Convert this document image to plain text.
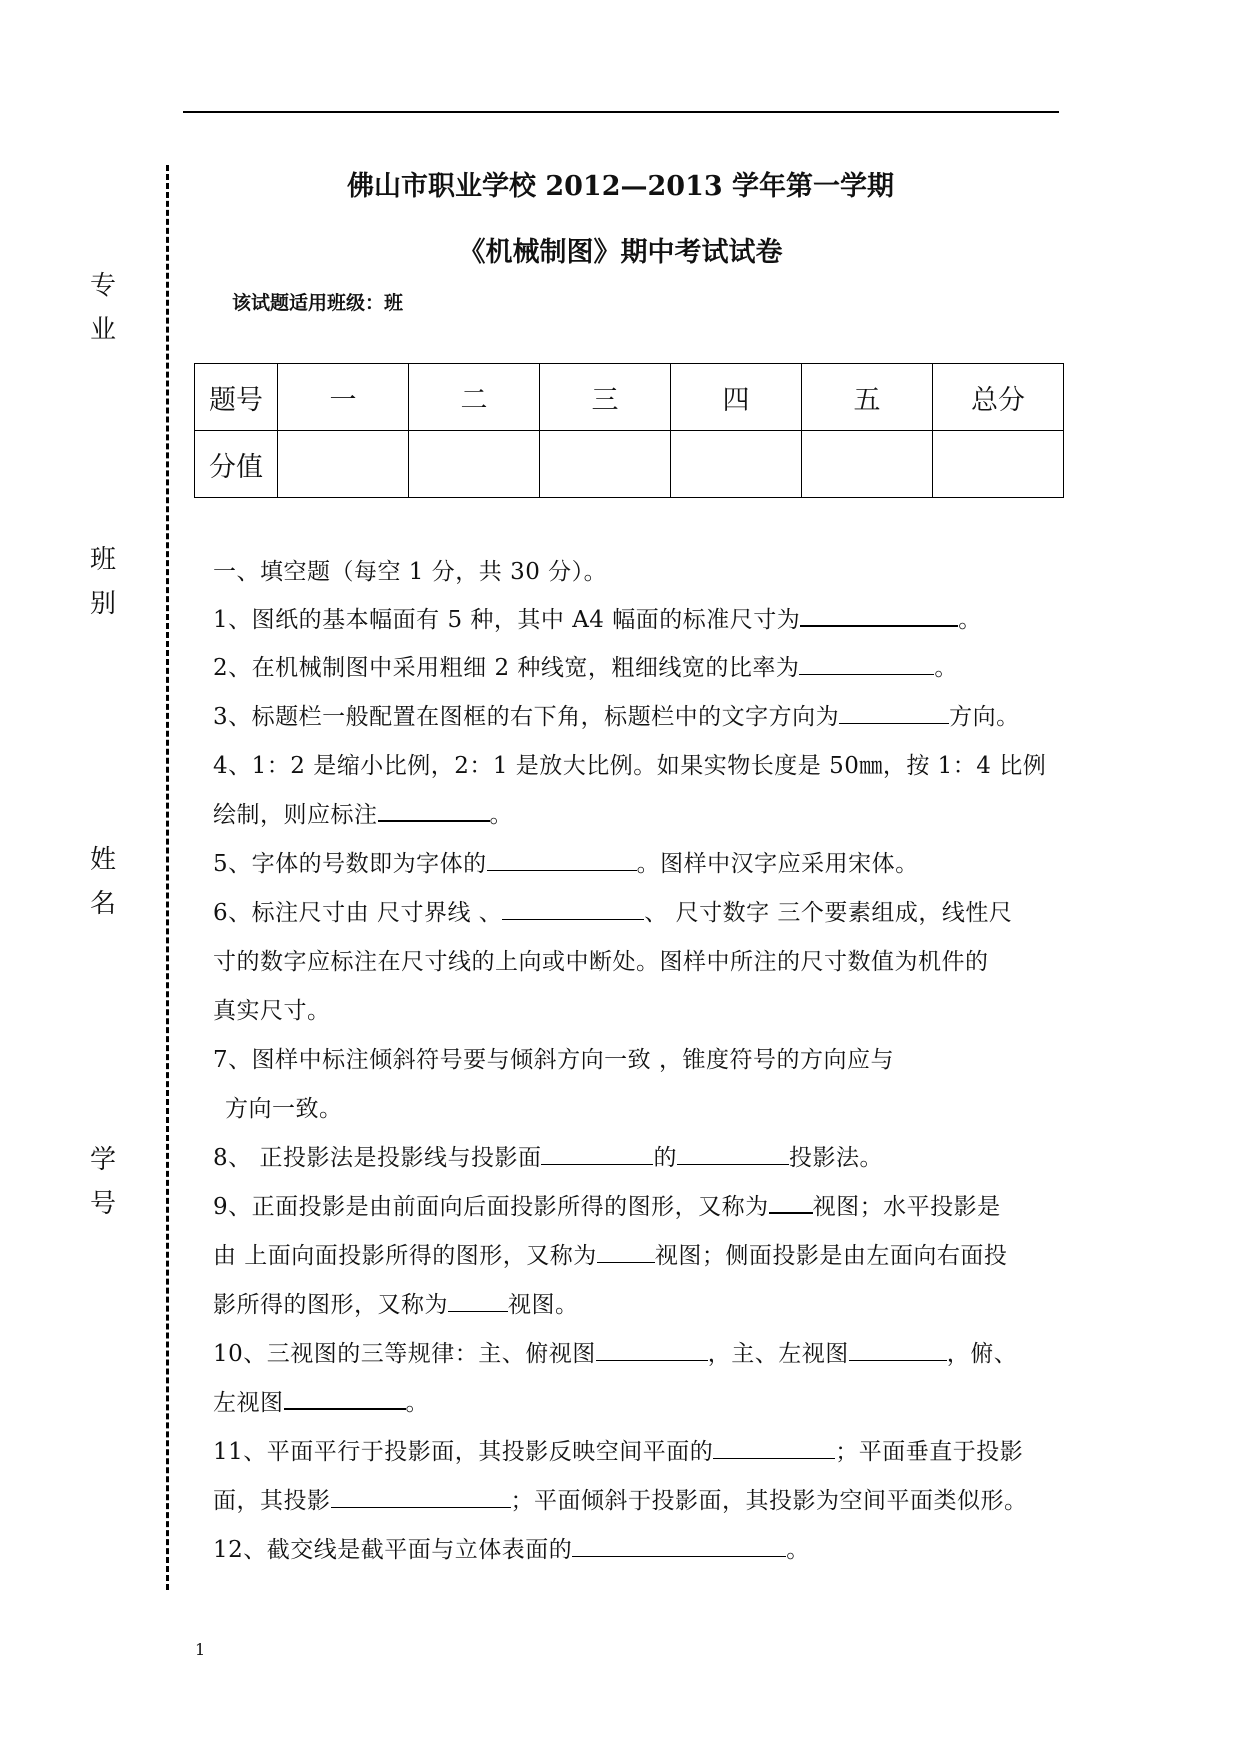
专业
班别
姓名
学号
佛山市职业学校 2012—2013 学年第一学期
《机械制图》期中考试试卷
该试题适用班级：班
题号	一	二	三	四	五	总分
分值						
一、填空题（每空 1 分，共 30 分）。
1、图纸的基本幅面有 5 种，其中 A4 幅面的标准尺寸为	。
2、在机械制图中采用粗细 2 种线宽，粗细线宽的比率为	。
3、标题栏一般配置在图框的右下角，标题栏中的文字方向为	方向。
4、1：2 是缩小比例，2：1 是放大比例。如果实物长度是 50㎜，按 1：4 比例
绘制，则应标注	。
5、字体的号数即为字体的	。图样中汉字应采用宋体。
6、标注尺寸由 尺寸界线 、	、 尺寸数字 三个要素组成，线性尺
寸的数字应标注在尺寸线的上向或中断处。图样中所注的尺寸数值为机件的
真实尺寸。
7、图样中标注倾斜符号要与倾斜方向一致 ，锥度符号的方向应与
方向一致。
8、 正投影法是投影线与投影面	的	投影法。
9、正面投影是由前面向后面投影所得的图形，又称为 视图；水平投影是
由 上面向面投影所得的图形，又称为	视图；侧面投影是由左面向右面投
影所得的图形，又称为	视图。
10、三视图的三等规律：主、俯视图	，主、左视图	，俯、
左视图	。
11、平面平行于投影面，其投影反映空间平面的	；平面垂直于投影
面，其投影	；平面倾斜于投影面，其投影为空间平面类似形。
12、截交线是截平面与立体表面的	。
1
